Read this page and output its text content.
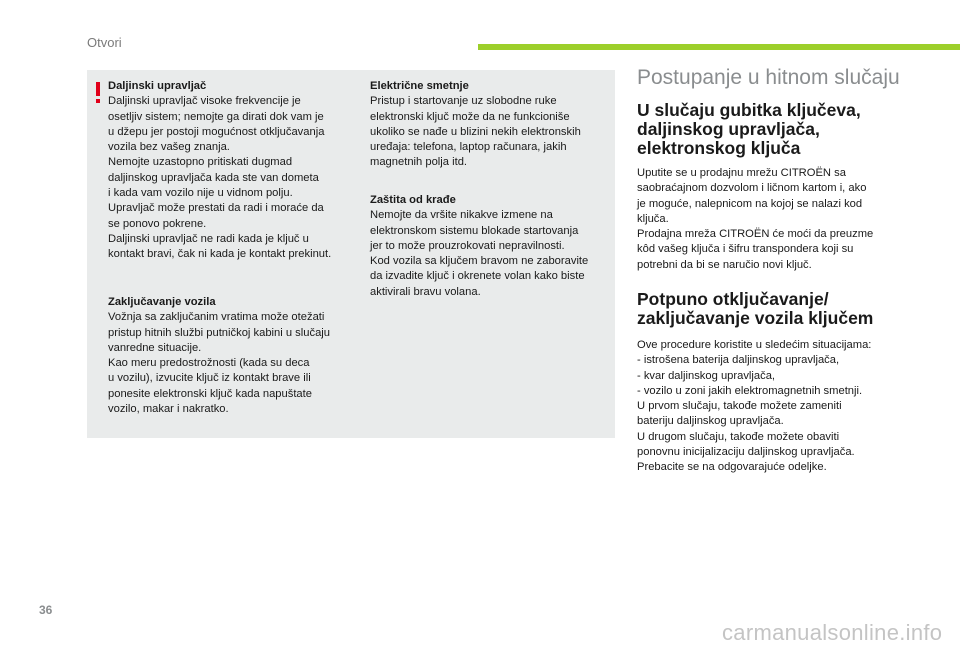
Otvori
Daljinski upravljač
Daljinski upravljač visoke frekvencije je
osetljiv sistem; nemojte ga dirati dok vam je
u džepu jer postoji mogućnost otključavanja
vozila bez vašeg znanja.
Nemojte uzastopno pritiskati dugmad
daljinskog upravljača kada ste van dometa
i kada vam vozilo nije u vidnom polju.
Upravljač može prestati da radi i moraće da
se ponovo pokrene.
Daljinski upravljač ne radi kada je ključ u
kontakt bravi, čak ni kada je kontakt prekinut.
Zaključavanje vozila
Vožnja sa zaključanim vratima može otežati
pristup hitnih službi putničkoj kabini u slučaju
vanredne situacije.
Kao meru predostrožnosti (kada su deca
u vozilu), izvucite ključ iz kontakt brave ili
ponesite elektronski ključ kada napuštate
vozilo, makar i nakratko.
Električne smetnje
Pristup i startovanje uz slobodne ruke
elektronski ključ može da ne funkcioniše
ukoliko se nađe u blizini nekih elektronskih
uređaja: telefona, laptop računara, jakih
magnetnih polja itd.
Zaštita od krađe
Nemojte da vršite nikakve izmene na
elektronskom sistemu blokade startovanja
jer to može prouzrokovati nepravilnosti.
Kod vozila sa ključem bravom ne zaboravite
da izvadite ključ i okrenete volan kako biste
aktivirali bravu volana.
Postupanje u hitnom slučaju
U slučaju gubitka ključeva,
daljinskog upravljača,
elektronskog ključa
Uputite se u prodajnu mrežu CITROËN sa
saobraćajnom dozvolom i ličnom kartom i, ako
je moguće, nalepnicom na kojoj se nalazi kod
ključa.
Prodajna mreža CITROËN će moći da preuzme
kôd vašeg ključa i šifru transpondera koji su
potrebni da bi se naručio novi ključ.
Potpuno otključavanje/
zaključavanje vozila ključem
Ove procedure koristite u sledećim situacijama:
- istrošena baterija daljinskog upravljača,
- kvar daljinskog upravljača,
- vozilo u zoni jakih elektromagnetnih smetnji.
U prvom slučaju, takođe možete zameniti
bateriju daljinskog upravljača.
U drugom slučaju, takođe možete obaviti
ponovnu inicijalizaciju daljinskog upravljača.
Prebacite se na odgovarajuće odeljke.
36
carmanualsonline.info
